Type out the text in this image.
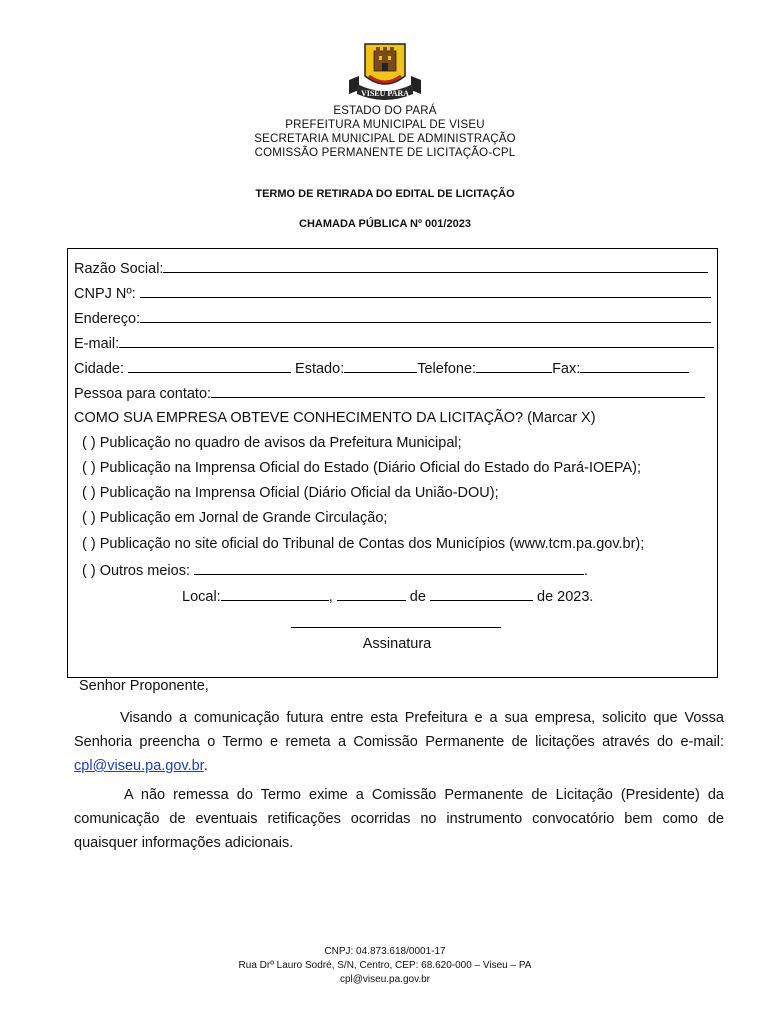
VISEU PARA
ESTADO DO PARÁ
PREFEITURA MUNICIPAL DE VISEU
SECRETARIA MUNICIPAL DE ADMINISTRAÇÃO
COMISSÃO PERMANENTE DE LICITAÇÃO-CPL
TERMO DE RETIRADA DO EDITAL DE LICITAÇÃO
CHAMADA PÚBLICA Nº 001/2023
Razão Social:
CNPJ Nº:
Endereço:
E-mail:
Cidade:	Estado:	Telefone:	Fax:
Pessoa para contato:
COMO SUA EMPRESA OBTEVE CONHECIMENTO DA LICITAÇÃO? (Marcar X)
( ) Publicação no quadro de avisos da Prefeitura Municipal;
( ) Publicação na Imprensa Oficial do Estado (Diário Oficial do Estado do Pará-IOEPA);
( ) Publicação na Imprensa Oficial (Diário Oficial da União-DOU);
( ) Publicação em Jornal de Grande Circulação;
( ) Publicação no site oficial do Tribunal de Contas dos Municípios (www.tcm.pa.gov.br);
( ) Outros meios:	.
Local:	,	de	de 2023.
Assinatura
Senhor Proponente,
Visando a comunicação futura entre esta Prefeitura e a sua empresa, solicito que Vossa Senhoria preencha o Termo e remeta a Comissão Permanente de licitações através do e-mail: cpl@viseu.pa.gov.br.
A não remessa do Termo exime a Comissão Permanente de Licitação (Presidente) da comunicação de eventuais retificações ocorridas no instrumento convocatório bem como de quaisquer informações adicionais.
CNPJ: 04.873.618/0001-17
Rua Drº Lauro Sodré, S/N, Centro, CEP: 68.620-000 – Viseu – PA
cpl@viseu.pa.gov.br
